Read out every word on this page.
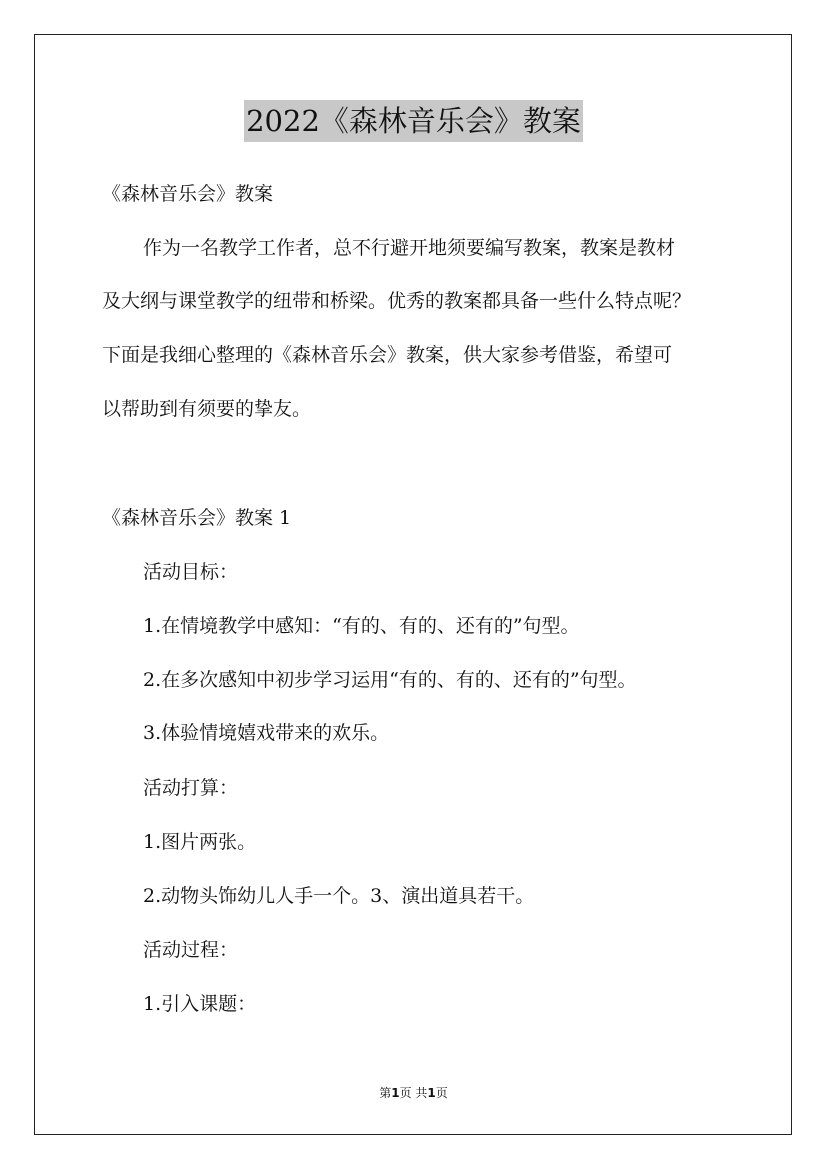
2022《森林音乐会》教案
《森林音乐会》教案
作为一名教学工作者，总不行避开地须要编写教案，教案是教材
及大纲与课堂教学的纽带和桥梁。优秀的教案都具备一些什么特点呢？
下面是我细心整理的《森林音乐会》教案，供大家参考借鉴，希望可
以帮助到有须要的挚友。
《森林音乐会》教案 1
活动目标：
1.在情境教学中感知：“有的、有的、还有的”句型。
2.在多次感知中初步学习运用“有的、有的、还有的”句型。
3.体验情境嬉戏带来的欢乐。
活动打算：
1.图片两张。
2.动物头饰幼儿人手一个。3、演出道具若干。
活动过程：
1.引入课题：
第1页 共1页
